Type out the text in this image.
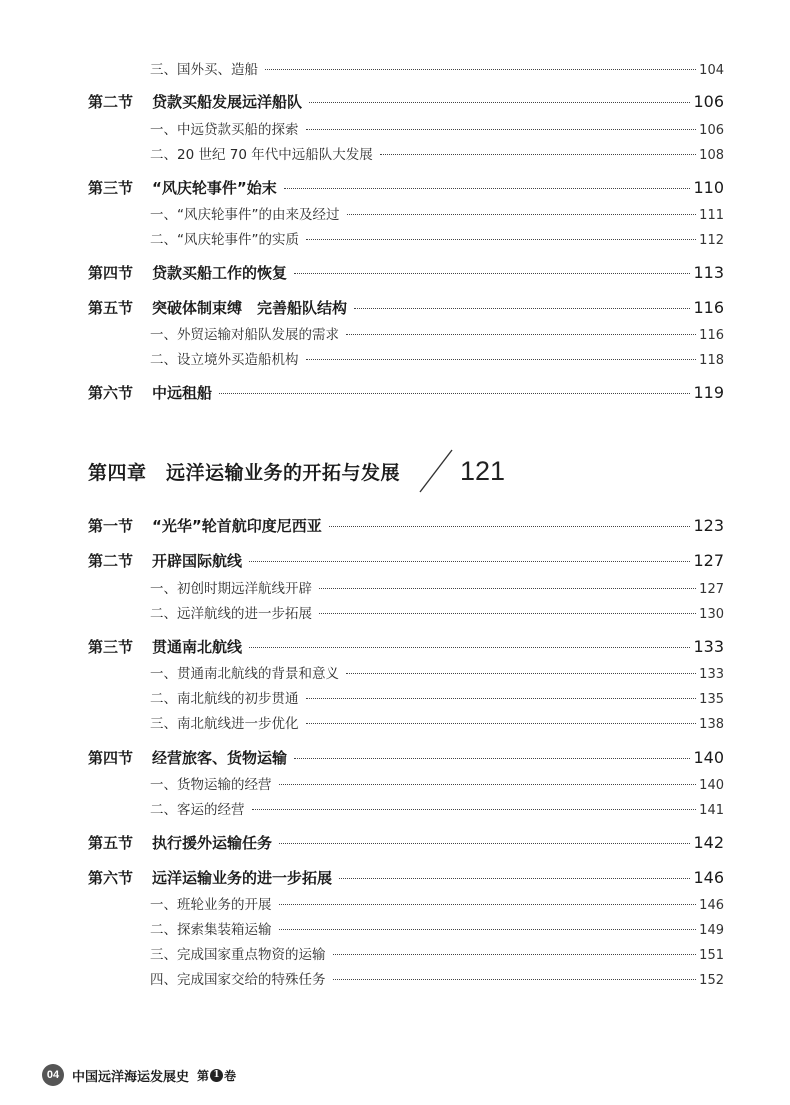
三、国外买、造船	104
第二节	贷款买船发展远洋船队	106
一、中远贷款买船的探索	106
二、20 世纪 70 年代中远船队大发展	108
第三节	“风庆轮事件”始末	110
一、“风庆轮事件”的由来及经过	111
二、“风庆轮事件”的实质	112
第四节	贷款买船工作的恢复	113
第五节	突破体制束缚　完善船队结构	116
一、外贸运输对船队发展的需求	116
二、设立境外买造船机构	118
第六节	中远租船	119
第四章　远洋运输业务的开拓与发展 121
第一节	“光华”轮首航印度尼西亚	123
第二节	开辟国际航线	127
一、初创时期远洋航线开辟	127
二、远洋航线的进一步拓展	130
第三节	贯通南北航线	133
一、贯通南北航线的背景和意义	133
二、南北航线的初步贯通	135
三、南北航线进一步优化	138
第四节	经营旅客、货物运输	140
一、货物运输的经营	140
二、客运的经营	141
第五节	执行援外运输任务	142
第六节	远洋运输业务的进一步拓展	146
一、班轮业务的开展	146
二、探索集装箱运输	149
三、完成国家重点物资的运输	151
四、完成国家交给的特殊任务	152
04 中国远洋海运发展史 第 1 卷
